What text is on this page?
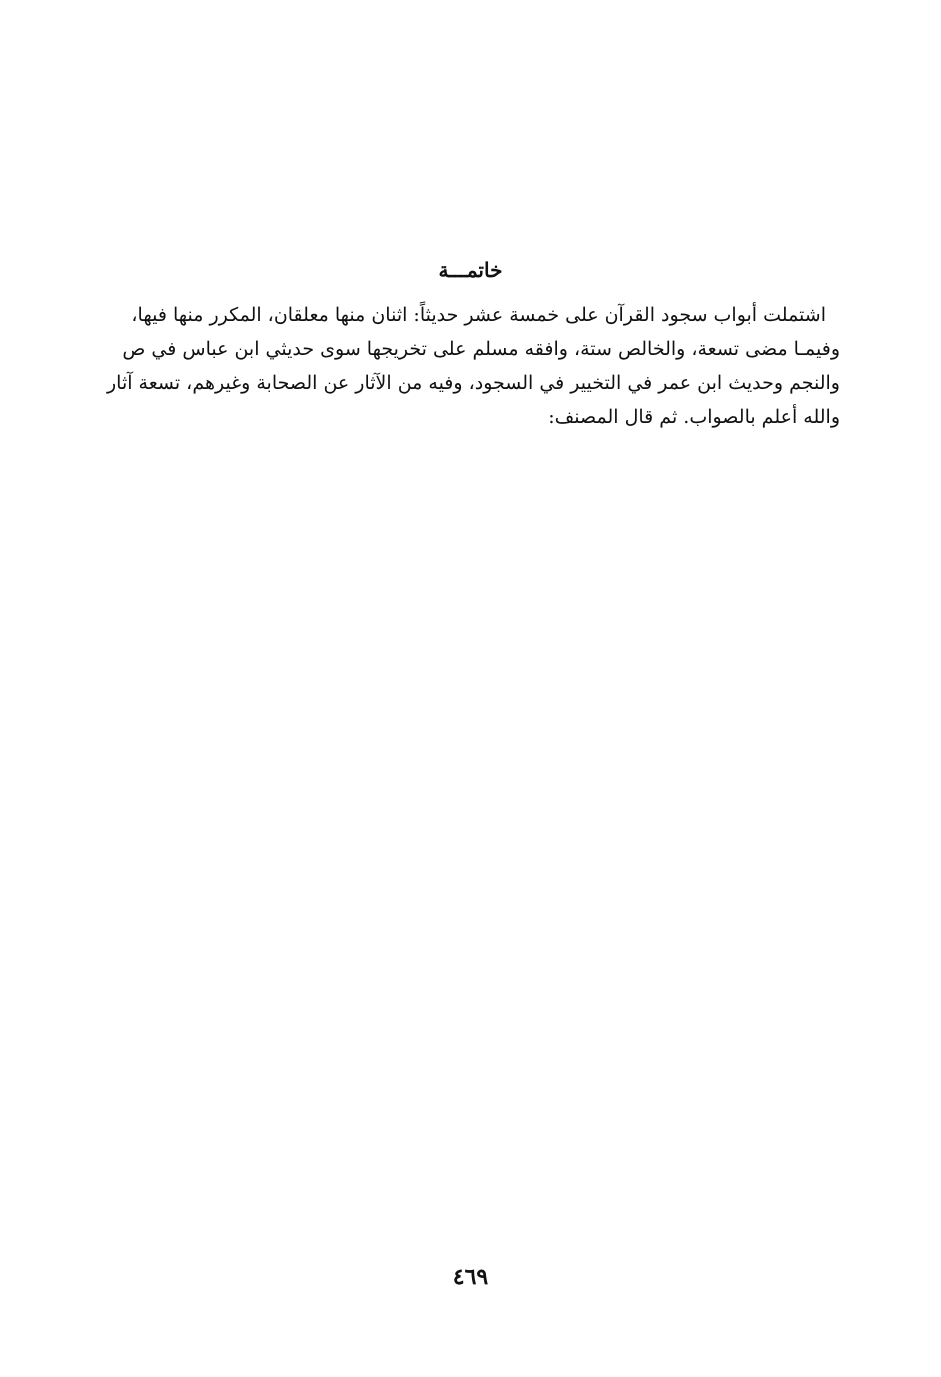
خاتمـــة
اشتملت أبواب سجود القرآن على خمسة عشر حديثاً: اثنان منها معلقان، المكرر منها فيها،
وفيمـا مضى تسعة، والخالص ستة، وافقه مسلم على تخريجها سوى حديثي ابن عباس في ص
والنجم وحديث ابن عمر في التخيير في السجود، وفيه من الآثار عن الصحابة وغيرهم، تسعة آثار
والله أعلم بالصواب. ثم قال المصنف:
٤٦٩
